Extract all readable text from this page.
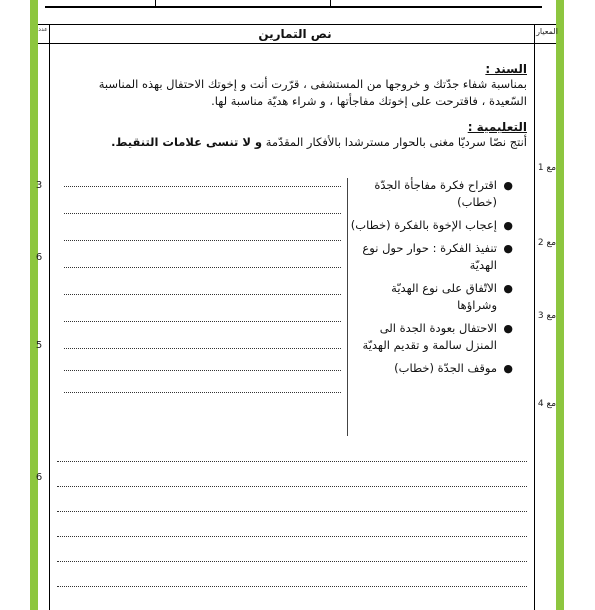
عدد	نص التمارين	المعيار
السند :
بمناسبة شفاء جدّتك و خروجها من المستشفى ، قرّرت أنت و إخوتك الاحتفال بهذه المناسبة السّعيدة ، فاقترحت على إخوتك مفاجأتها ، و شراء هديّة مناسبة لها.
التعليمية :
أنتج نصّا سرديّا مغنى بالحوار مسترشدا بالأفكار المقدّمة و لا تنسى علامات التنقيط.
●
اقتراح فكرة مفاجأة الجدّة (خطاب)
●
إعجاب الإخوة بالفكرة (خطاب)
●
تنفيذ الفكرة : حوار حول نوع الهديّة
●
الاتّفاق على نوع الهديّة وشراؤها
●
الاحتفال بعودة الجدة الى المنزل سالمة و تقديم الهديّة
●
موقف الجدّة (خطاب)
مع 1
مع 2
مع 3
مع 4
3
6
5
6
